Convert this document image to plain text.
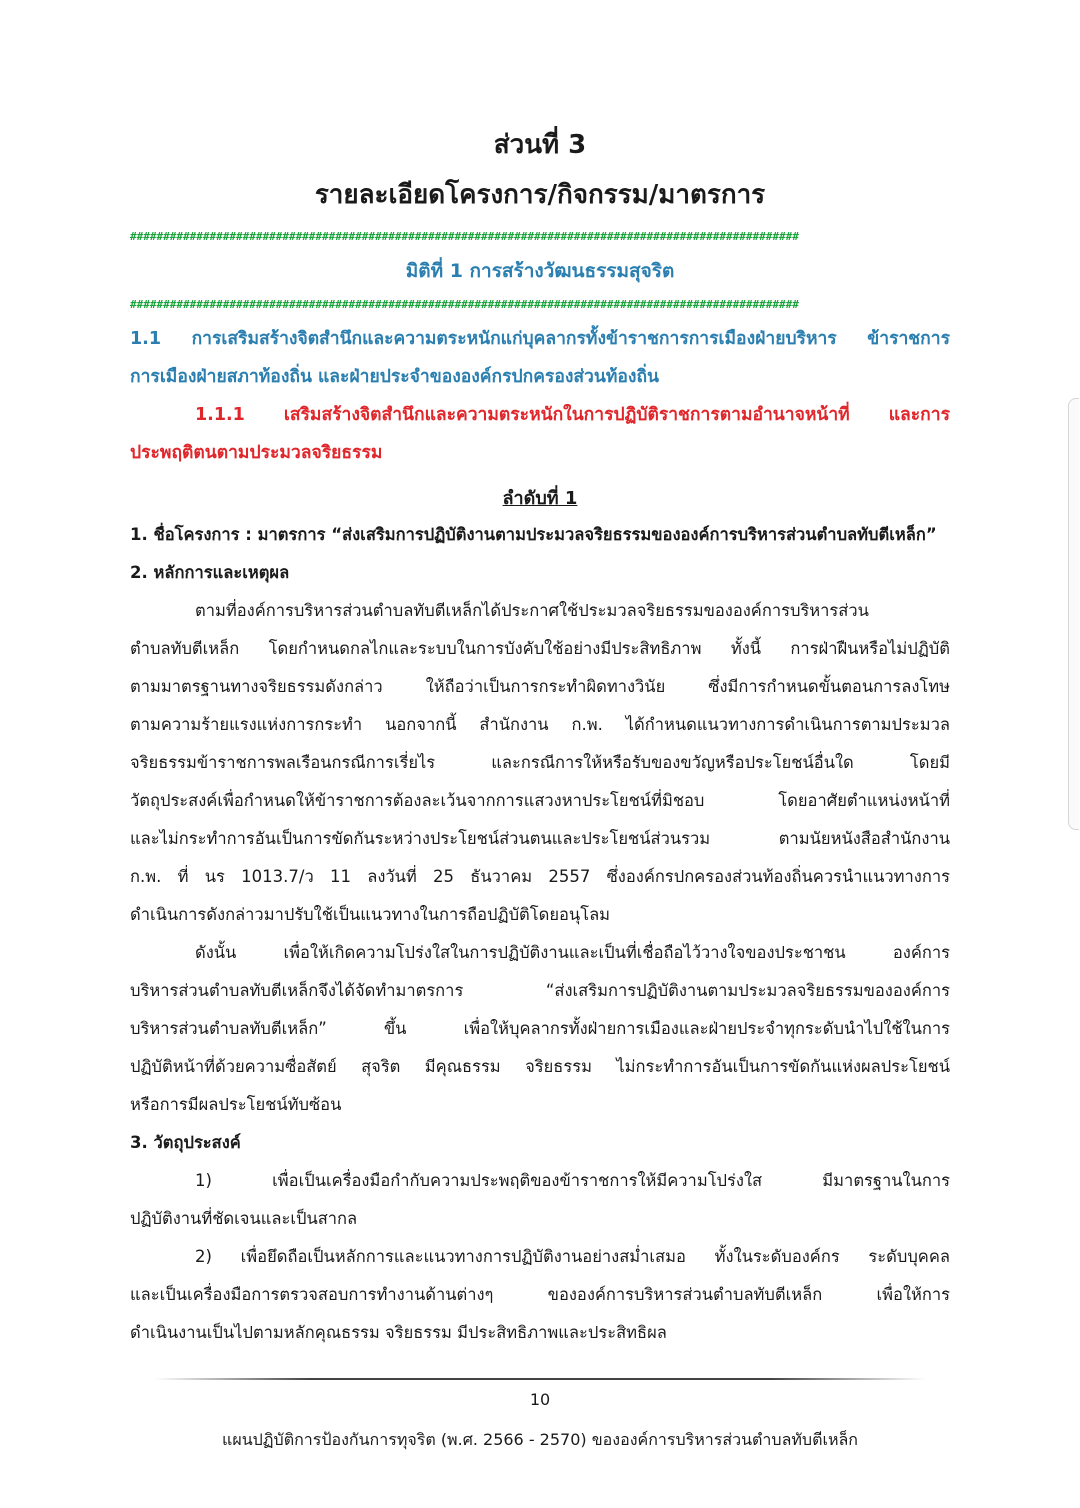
ส่วนที่ 3
รายละเอียดโครงการ/กิจกรรม/มาตรการ
#####################################################################################################
มิติที่ 1 การสร้างวัฒนธรรมสุจริต
#####################################################################################################
1.1 การเสริมสร้างจิตสำนึกและความตระหนักแก่บุคลากรทั้งข้าราชการการเมืองฝ่ายบริหาร ข้าราชการ
การเมืองฝ่ายสภาท้องถิ่น และฝ่ายประจำขององค์กรปกครองส่วนท้องถิ่น
1.1.1 เสริมสร้างจิตสำนึกและความตระหนักในการปฏิบัติราชการตามอำนาจหน้าที่ และการ
ประพฤติตนตามประมวลจริยธรรม
ลำดับที่ 1
1. ชื่อโครงการ : มาตรการ “ส่งเสริมการปฏิบัติงานตามประมวลจริยธรรมขององค์การบริหารส่วนตำบลทับตีเหล็ก”
2. หลักการและเหตุผล
ตามที่องค์การบริหารส่วนตำบลทับตีเหล็กได้ประกาศใช้ประมวลจริยธรรมขององค์การบริหารส่วน
ตำบลทับตีเหล็ก โดยกำหนดกลไกและระบบในการบังคับใช้อย่างมีประสิทธิภาพ ทั้งนี้ การฝ่าฝืนหรือไม่ปฏิบัติ
ตามมาตรฐานทางจริยธรรมดังกล่าว ให้ถือว่าเป็นการกระทำผิดทางวินัย ซึ่งมีการกำหนดขั้นตอนการลงโทษ
ตามความร้ายแรงแห่งการกระทำ นอกจากนี้ สำนักงาน ก.พ. ได้กำหนดแนวทางการดำเนินการตามประมวล
จริยธรรมข้าราชการพลเรือนกรณีการเรี่ยไร และกรณีการให้หรือรับของขวัญหรือประโยชน์อื่นใด โดยมี
วัตถุประสงค์เพื่อกำหนดให้ข้าราชการต้องละเว้นจากการแสวงหาประโยชน์ที่มิชอบ โดยอาศัยตำแหน่งหน้าที่
และไม่กระทำการอันเป็นการขัดกันระหว่างประโยชน์ส่วนตนและประโยชน์ส่วนรวม ตามนัยหนังสือสำนักงาน
ก.พ. ที่ นร 1013.7/ว 11 ลงวันที่ 25 ธันวาคม 2557 ซึ่งองค์กรปกครองส่วนท้องถิ่นควรนำแนวทางการ
ดำเนินการดังกล่าวมาปรับใช้เป็นแนวทางในการถือปฏิบัติโดยอนุโลม
ดังนั้น เพื่อให้เกิดความโปร่งใสในการปฏิบัติงานและเป็นที่เชื่อถือไว้วางใจของประชาชน องค์การ
บริหารส่วนตำบลทับตีเหล็กจึงได้จัดทำมาตรการ “ส่งเสริมการปฏิบัติงานตามประมวลจริยธรรมขององค์การ
บริหารส่วนตำบลทับตีเหล็ก” ขึ้น เพื่อให้บุคลากรทั้งฝ่ายการเมืองและฝ่ายประจำทุกระดับนำไปใช้ในการ
ปฏิบัติหน้าที่ด้วยความซื่อสัตย์ สุจริต มีคุณธรรม จริยธรรม ไม่กระทำการอันเป็นการขัดกันแห่งผลประโยชน์
หรือการมีผลประโยชน์ทับซ้อน
3. วัตถุประสงค์
1) เพื่อเป็นเครื่องมือกำกับความประพฤติของข้าราชการให้มีความโปร่งใส มีมาตรฐานในการ
ปฏิบัติงานที่ชัดเจนและเป็นสากล
2) เพื่อยึดถือเป็นหลักการและแนวทางการปฏิบัติงานอย่างสม่ำเสมอ ทั้งในระดับองค์กร ระดับบุคคล
และเป็นเครื่องมือการตรวจสอบการทำงานด้านต่างๆ ขององค์การบริหารส่วนตำบลทับตีเหล็ก เพื่อให้การ
ดำเนินงานเป็นไปตามหลักคุณธรรม จริยธรรม มีประสิทธิภาพและประสิทธิผล
10
แผนปฏิบัติการป้องกันการทุจริต (พ.ศ. 2566 - 2570) ขององค์การบริหารส่วนตำบลทับตีเหล็ก
